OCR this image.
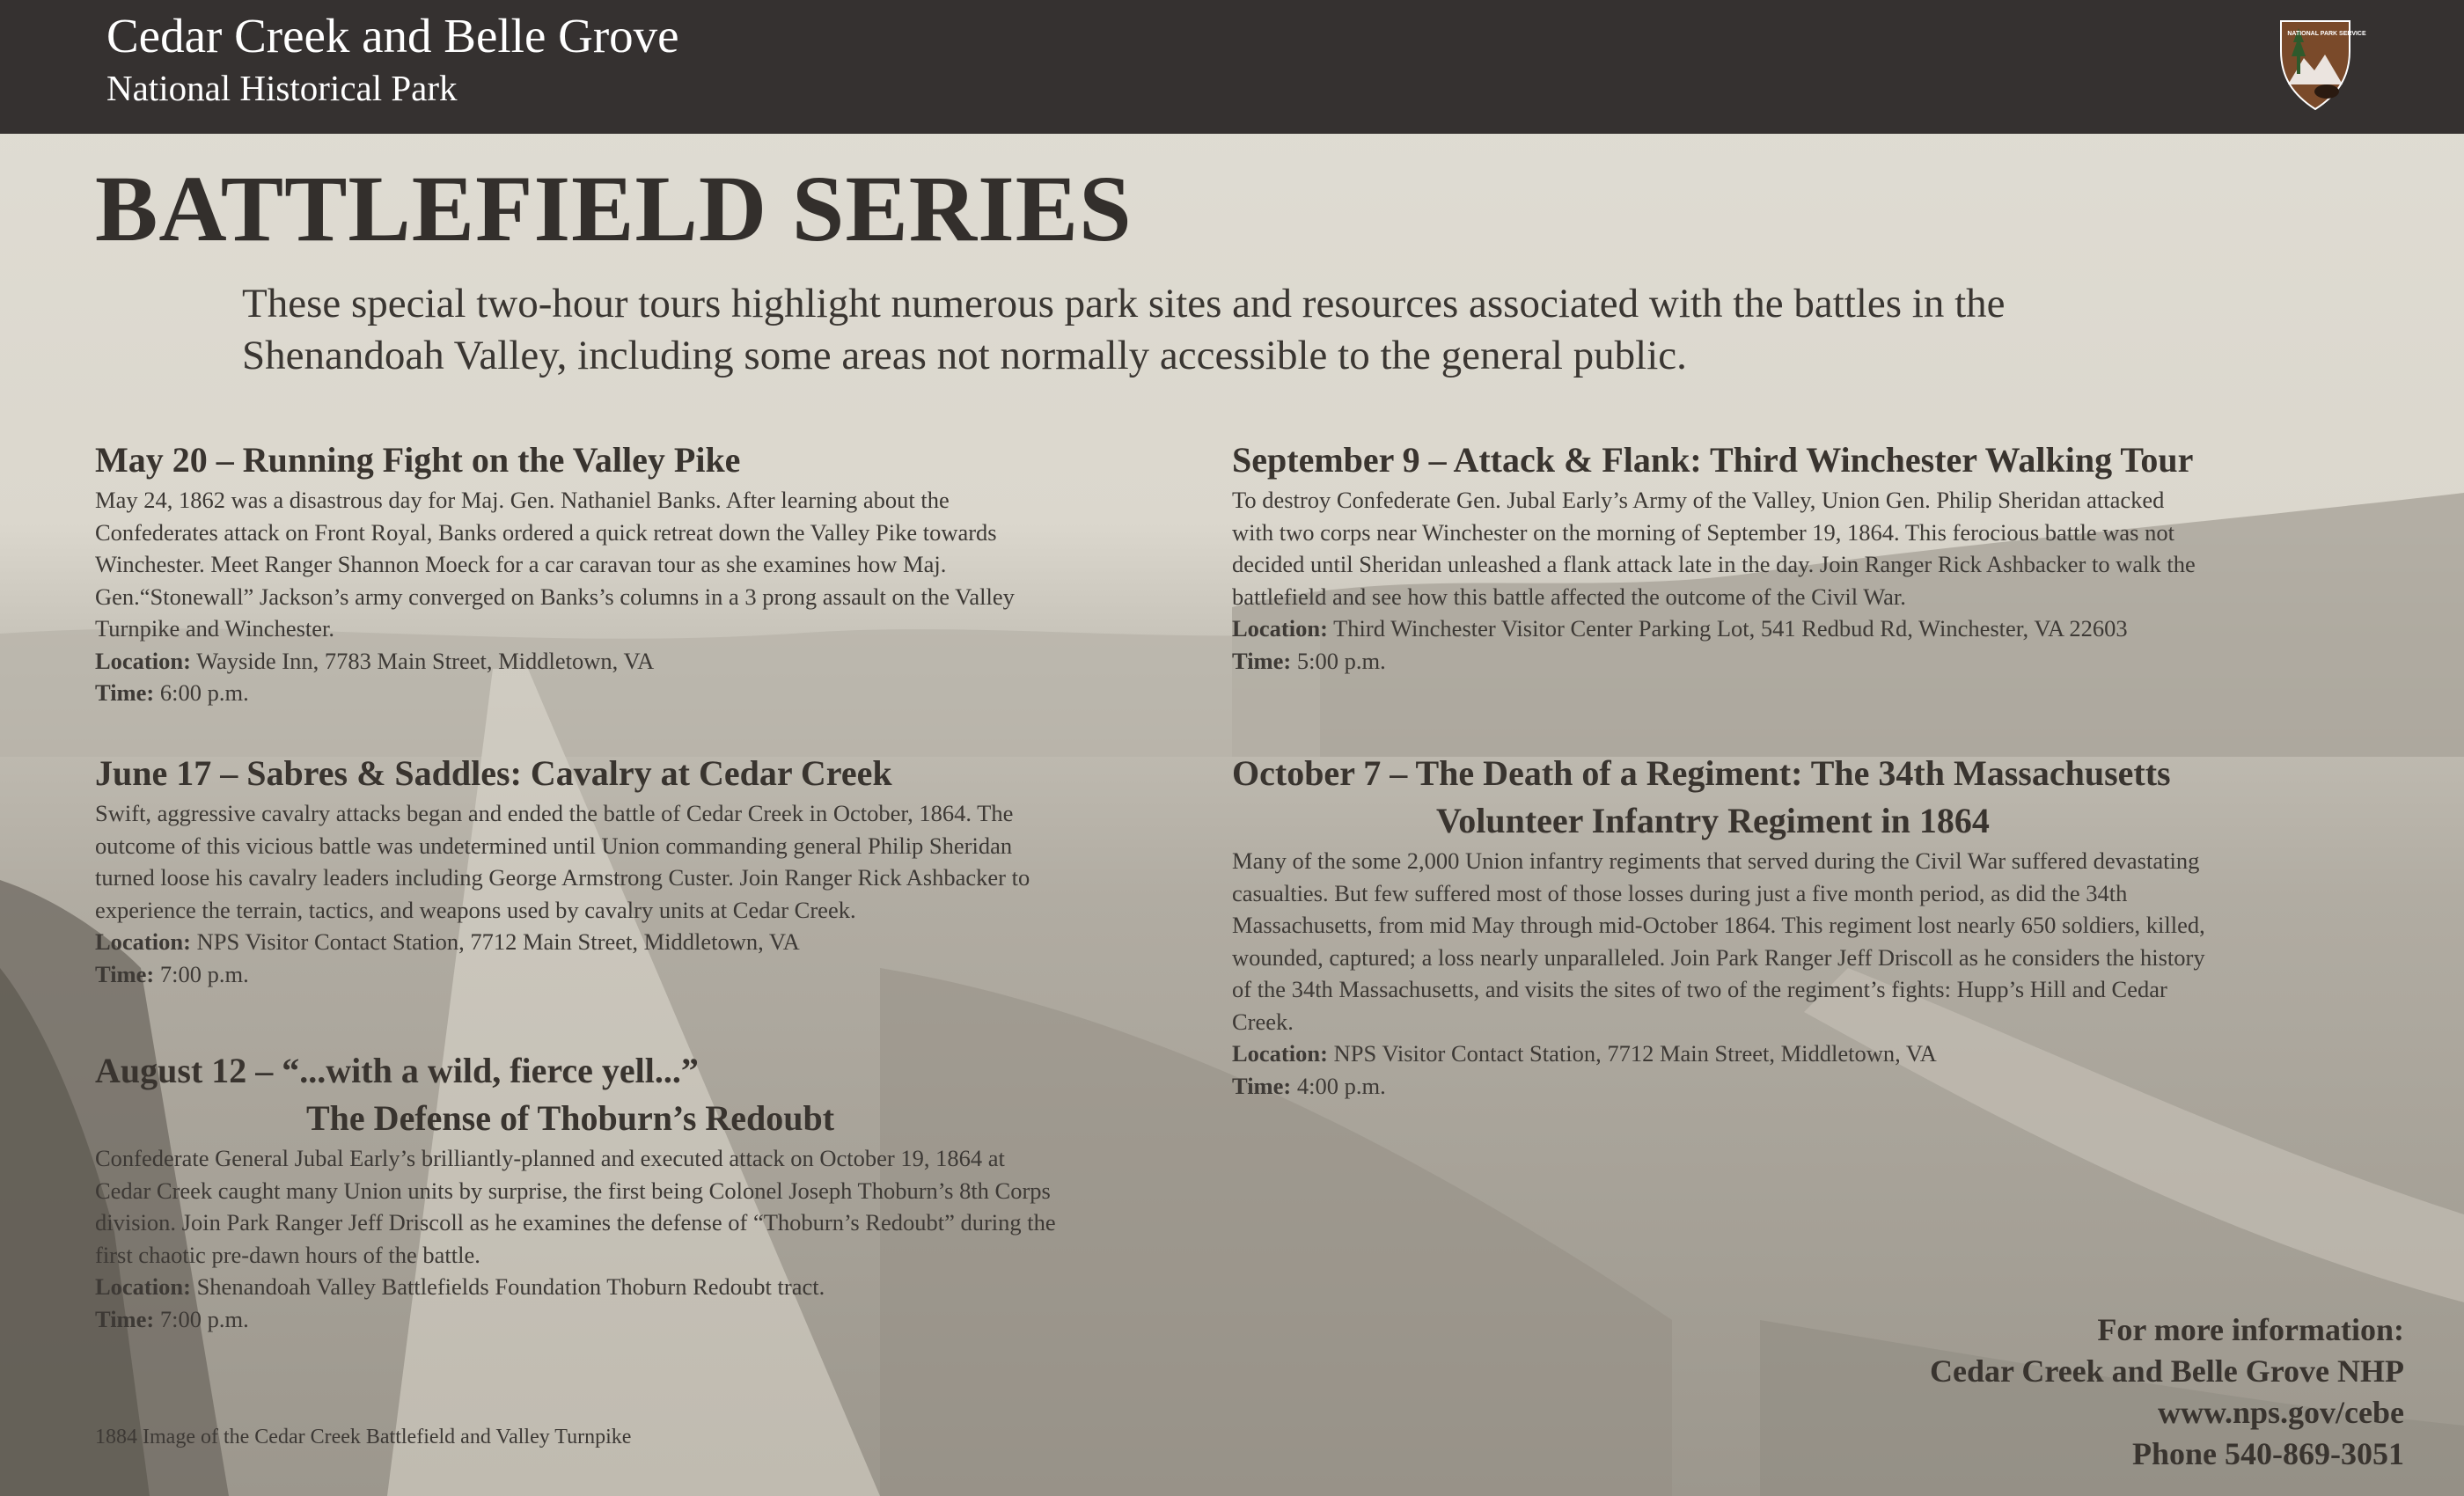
Cedar Creek and Belle Grove
National Historical Park
NATIONAL PARK SERVICE
BATTLEFIELD SERIES
These special two-hour tours highlight numerous park sites and resources associated with the battles in the
Shenandoah Valley, including some areas not normally accessible to the general public.
May 20 – Running Fight on the Valley Pike
May 24, 1862 was a disastrous day for Maj. Gen. Nathaniel Banks. After learning about the
Confederates attack on Front Royal, Banks ordered a quick retreat down the Valley Pike towards
Winchester. Meet Ranger Shannon Moeck for a car caravan tour as she examines how Maj.
Gen.“Stonewall” Jackson’s army converged on Banks’s columns in a 3 prong assault on the Valley
Turnpike and Winchester.
Location: Wayside Inn, 7783 Main Street, Middletown, VA
Time: 6:00 p.m.
June 17 – Sabres & Saddles: Cavalry at Cedar Creek
Swift, aggressive cavalry attacks began and ended the battle of Cedar Creek in October, 1864. The
outcome of this vicious battle was undetermined until Union commanding general Philip Sheridan
turned loose his cavalry leaders including George Armstrong Custer. Join Ranger Rick Ashbacker to
experience the terrain, tactics, and weapons used by cavalry units at Cedar Creek.
Location: NPS Visitor Contact Station, 7712 Main Street, Middletown, VA
Time: 7:00 p.m.
August 12 – “...with a wild, fierce yell...”
The Defense of Thoburn’s Redoubt
Confederate General Jubal Early’s brilliantly-planned and executed attack on October 19, 1864 at
Cedar Creek caught many Union units by surprise, the first being Colonel Joseph Thoburn’s 8th Corps
division. Join Park Ranger Jeff Driscoll as he examines the defense of “Thoburn’s Redoubt” during the
first chaotic pre-dawn hours of the battle.
Location: Shenandoah Valley Battlefields Foundation Thoburn Redoubt tract.
Time: 7:00 p.m.
September 9 – Attack & Flank: Third Winchester Walking Tour
To destroy Confederate Gen. Jubal Early’s Army of the Valley, Union Gen. Philip Sheridan attacked
with two corps near Winchester on the morning of September 19, 1864. This ferocious battle was not
decided until Sheridan unleashed a flank attack late in the day. Join Ranger Rick Ashbacker to walk the
battlefield and see how this battle affected the outcome of the Civil War.
Location: Third Winchester Visitor Center Parking Lot, 541 Redbud Rd, Winchester, VA 22603
Time: 5:00 p.m.
October 7 – The Death of a Regiment: The 34th Massachusetts
Volunteer Infantry Regiment in 1864
Many of the some 2,000 Union infantry regiments that served during the Civil War suffered devastating
casualties. But few suffered most of those losses during just a five month period, as did the 34th
Massachusetts, from mid May through mid-October 1864. This regiment lost nearly 650 soldiers, killed,
wounded, captured; a loss nearly unparalleled. Join Park Ranger Jeff Driscoll as he considers the history
of the 34th Massachusetts, and visits the sites of two of the regiment’s fights: Hupp’s Hill and Cedar
Creek.
Location: NPS Visitor Contact Station, 7712 Main Street, Middletown, VA
Time: 4:00 p.m.
1884 Image of the Cedar Creek Battlefield and Valley Turnpike
For more information:
Cedar Creek and Belle Grove NHP
www.nps.gov/cebe
Phone 540-869-3051
